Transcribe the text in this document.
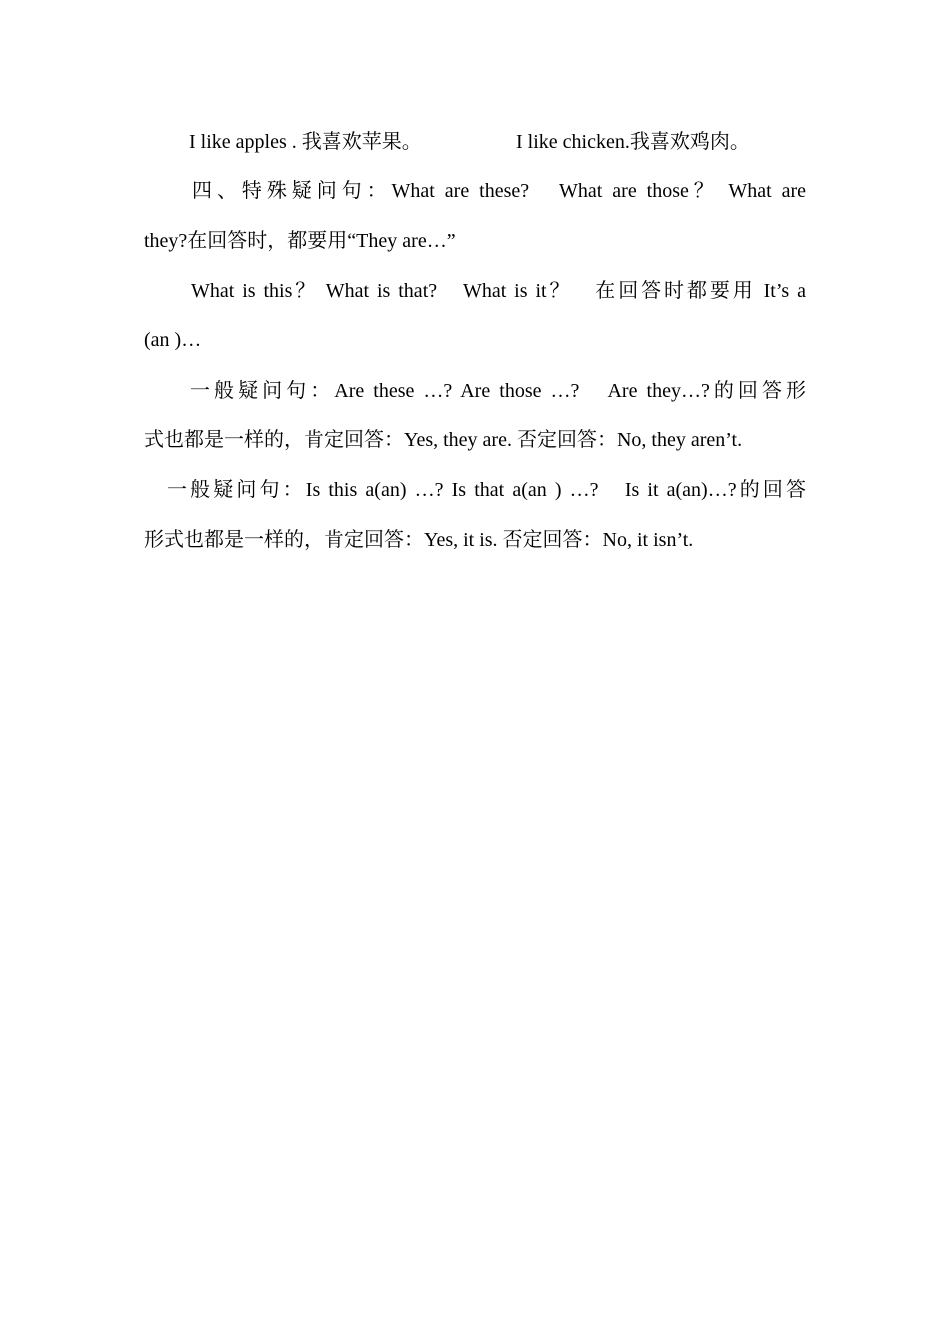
I like apples . 我喜欢苹果。	I like chicken.我喜欢鸡肉。
四、特殊疑问句：What are these?　What are those？ What are
they?在回答时，都要用“They are…”
What is this？ What is that?　What is it？　在回答时都要用 It’s a
(an )…
一般疑问句：Are these …? Are those …?　Are they…?的回答形
式也都是一样的，肯定回答：Yes, they are. 否定回答：No, they aren’t.
一般疑问句：Is this a(an) …? Is that a(an ) …?　Is it a(an)…?的回答
形式也都是一样的，肯定回答：Yes, it is. 否定回答：No, it isn’t.
